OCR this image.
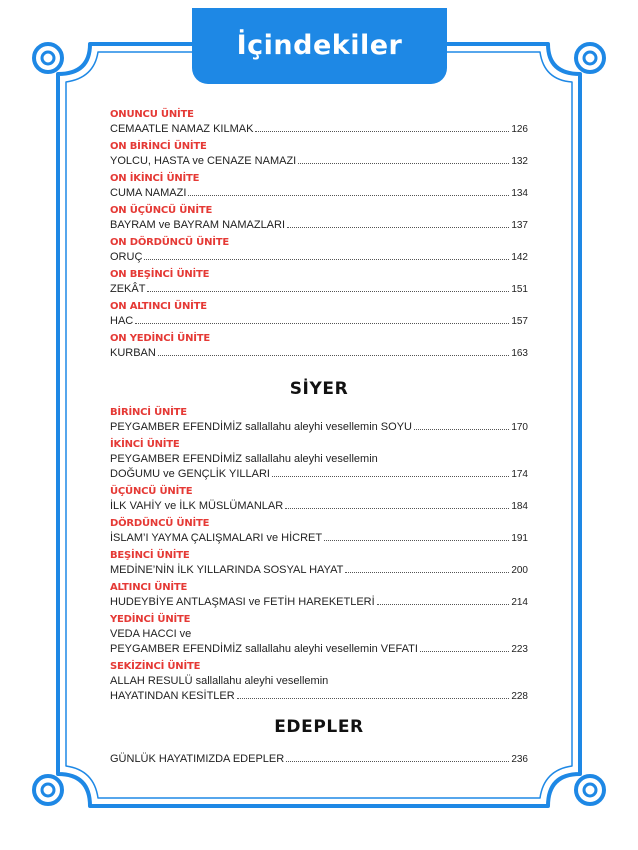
İçindekiler
ONUNCU ÜNİTE
CEMAATLE NAMAZ KILMAK	126
ON BİRİNCİ ÜNİTE
YOLCU, HASTA ve CENAZE NAMAZI	132
ON İKİNCİ ÜNİTE
CUMA NAMAZI	134
ON ÜÇÜNCÜ ÜNİTE
BAYRAM ve BAYRAM NAMAZLARI	137
ON DÖRDÜNCÜ ÜNİTE
ORUÇ	142
ON BEŞİNCİ ÜNİTE
ZEKÂT	151
ON ALTINCI ÜNİTE
HAC	157
ON YEDİNCİ ÜNİTE
KURBAN	163
SİYER
BİRİNCİ ÜNİTE
PEYGAMBER EFENDİMİZ sallallahu aleyhi vesellemin SOYU	170
İKİNCİ ÜNİTE
PEYGAMBER EFENDİMİZ sallallahu aleyhi vesellemin
DOĞUMU ve GENÇLİK YILLARI	174
ÜÇÜNCÜ ÜNİTE
İLK VAHİY ve İLK MÜSLÜMANLAR	184
DÖRDÜNCÜ ÜNİTE
İSLAM’I YAYMA ÇALIŞMALARI ve HİCRET	191
BEŞİNCİ ÜNİTE
MEDİNE’NİN İLK YILLARINDA SOSYAL HAYAT	200
ALTINCI ÜNİTE
HUDEYBİYE ANTLAŞMASI ve FETİH HAREKETLERİ	214
YEDİNCİ ÜNİTE
VEDA HACCI ve
PEYGAMBER EFENDİMİZ sallallahu aleyhi vesellemin VEFATI	223
SEKİZİNCİ ÜNİTE
ALLAH RESULÜ sallallahu aleyhi vesellemin
HAYATINDAN KESİTLER	228
EDEPLER
GÜNLÜK HAYATIMIZDA EDEPLER	236
